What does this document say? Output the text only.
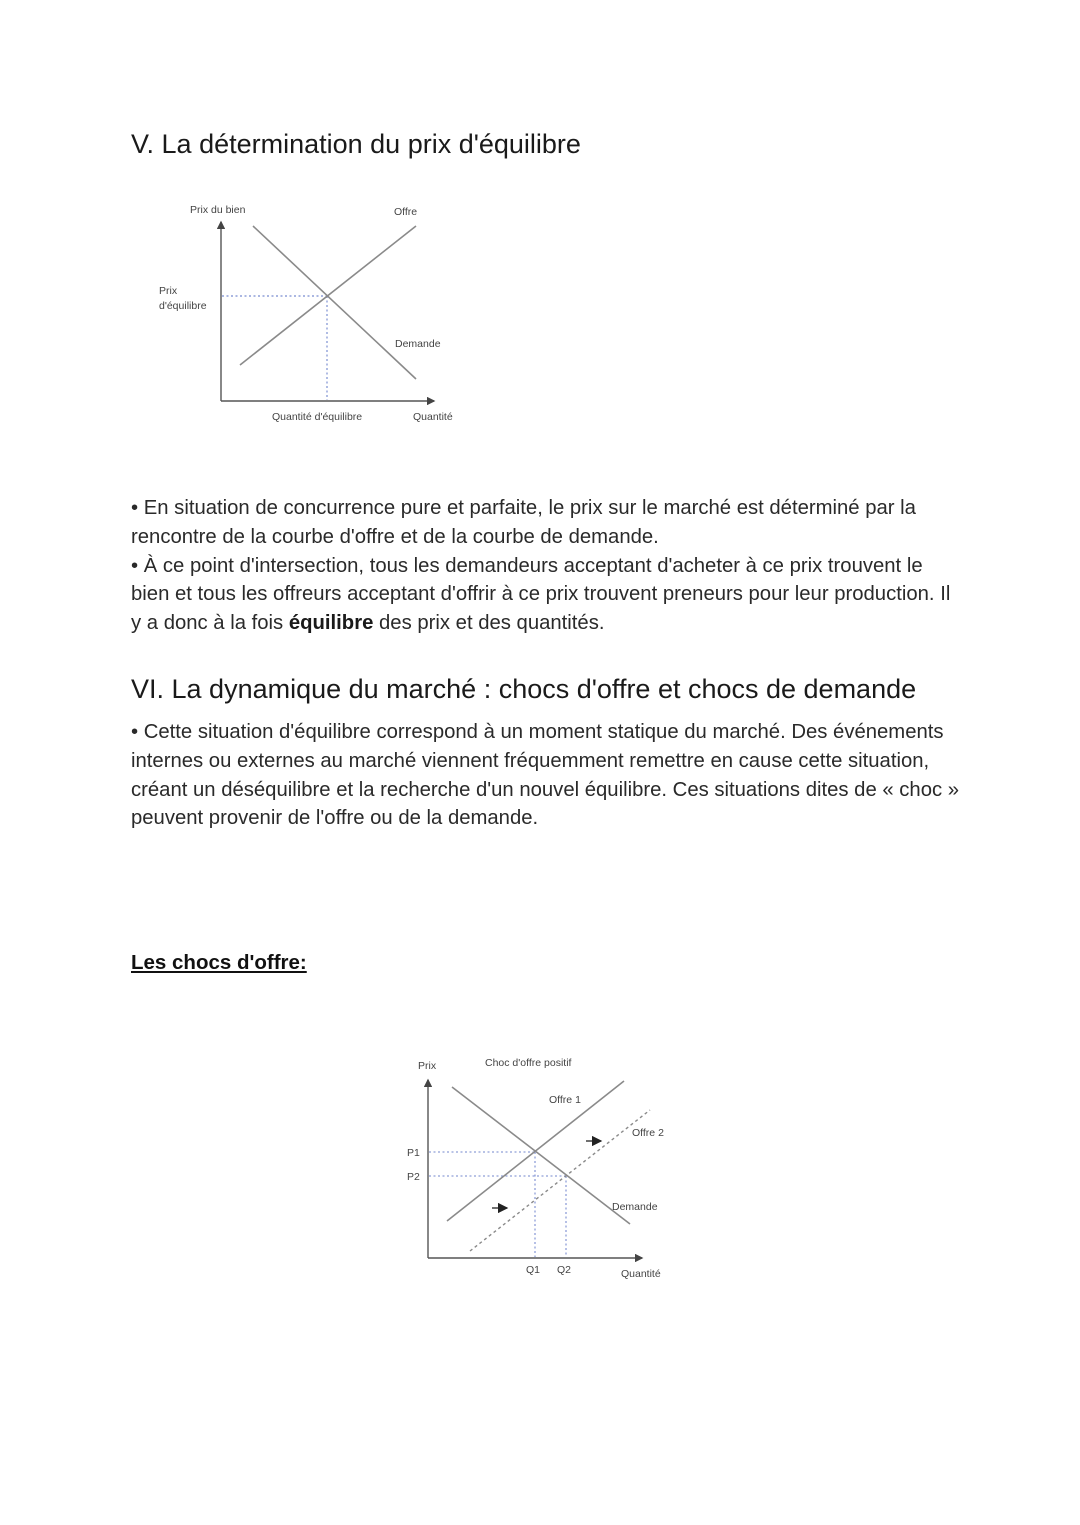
V. La détermination du prix d'équilibre
Prix du bien	Offre
Prix
d'équilibre
Demande
Quantité d'équilibre	Quantité
Prix	Choc d'offre positif
Offre 1
Offre 2
Demande
P1
P2
Q1 Q2	Quantité

• En situation de concurrence pure et parfaite, le prix sur le marché est déterminé par la rencontre de la courbe d'offre et de la courbe de demande.

• À ce point d'intersection, tous les demandeurs acceptant d'acheter à ce prix trouvent le bien et tous les offreurs acceptant d'offrir à ce prix trouvent preneurs pour leur production. Il y a donc à la fois équilibre des prix et des quantités.

VI. La dynamique du marché : chocs d'offre et chocs de demande

• Cette situation d'équilibre correspond à un moment statique du marché. Des événements internes ou externes au marché viennent fréquemment remettre en cause cette situation, créant un déséquilibre et la recherche d'un nouvel équilibre. Ces situations dites de « choc » peuvent provenir de l'offre ou de la demande.

Les chocs d'offre:
